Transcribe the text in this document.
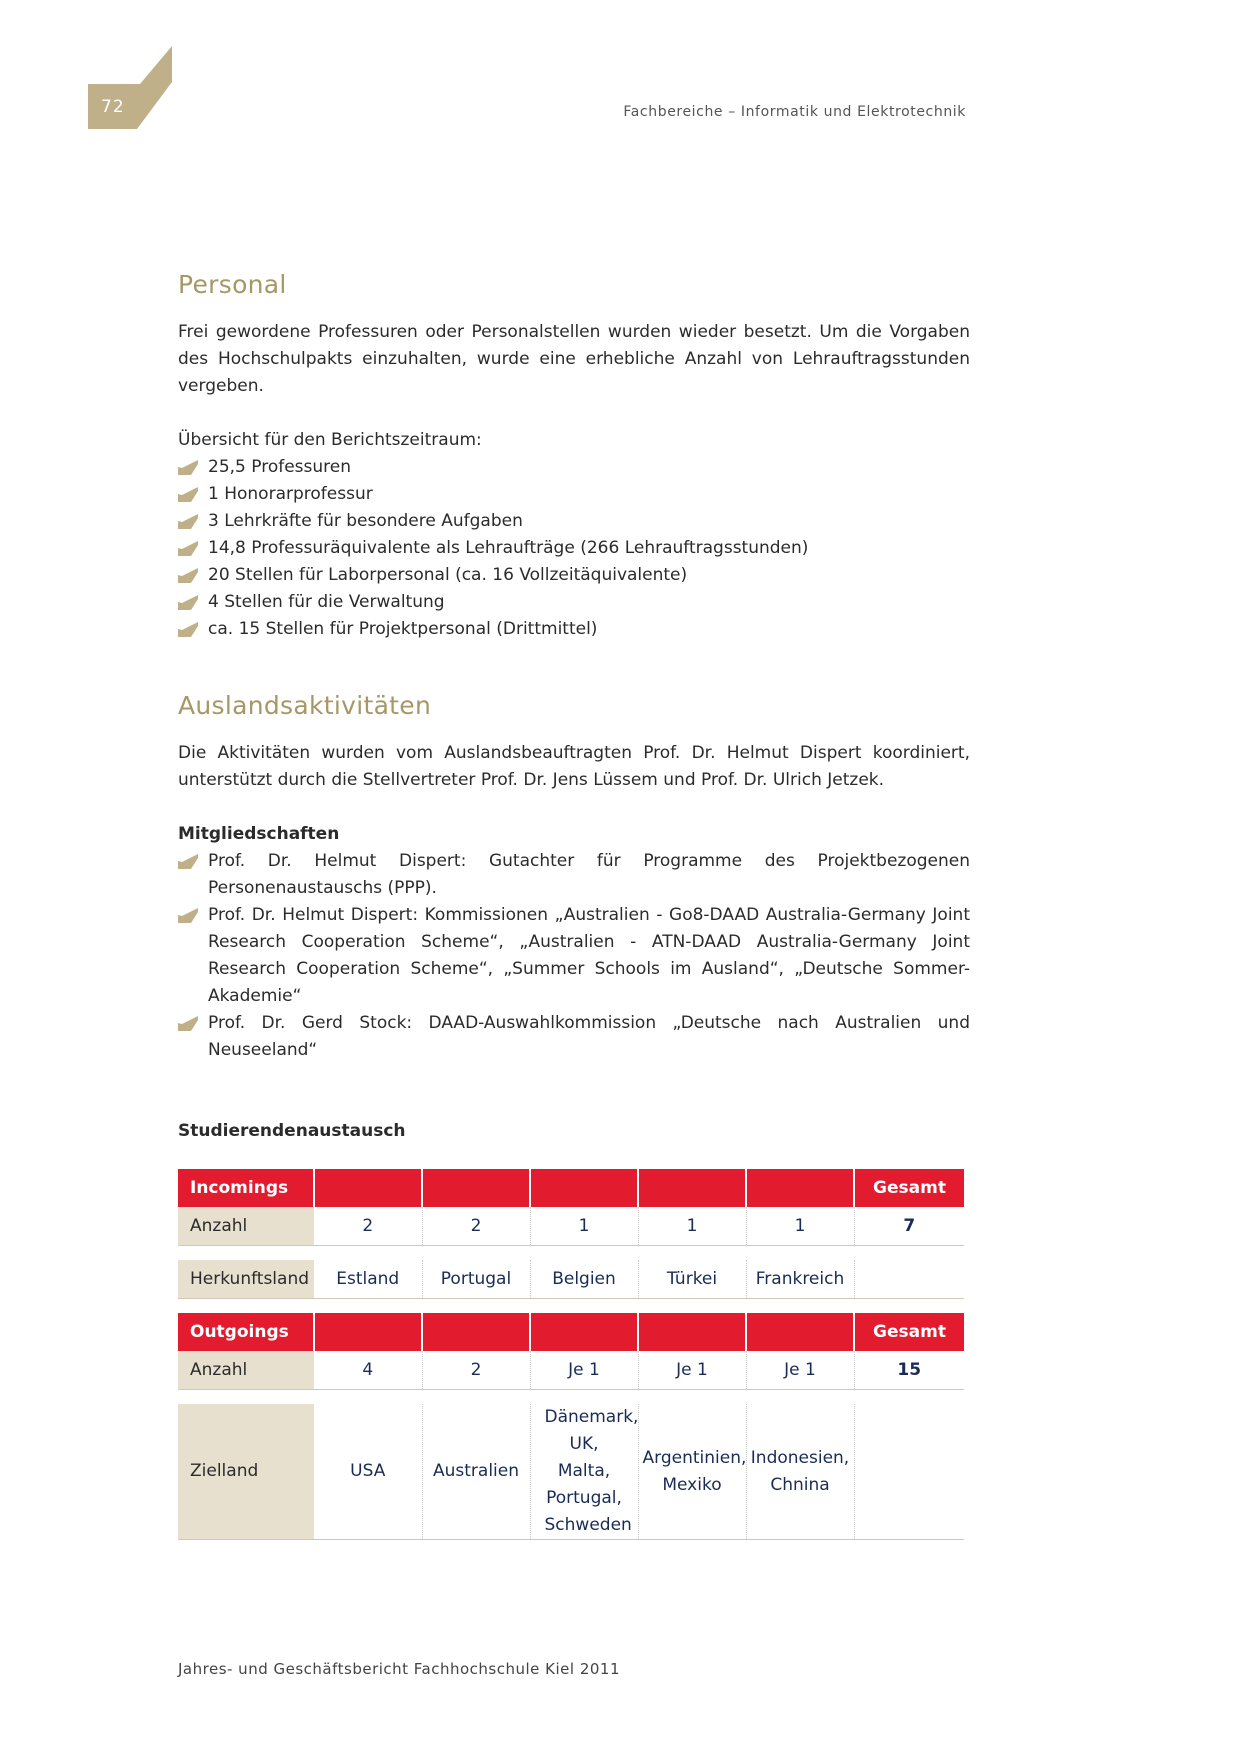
72	Fachbereiche – Informatik und Elektrotechnik
Personal

Frei gewordene Professuren oder Personalstellen wurden wieder besetzt. Um die Vorgaben des Hochschulpakts einzuhalten, wurde eine erhebliche Anzahl von Lehrauftragsstunden vergeben.

Übersicht für den Berichtszeitraum:

25,5 Professuren
1 Honorarprofessur
3 Lehrkräfte für besondere Aufgaben
14,8 Professuräquivalente als Lehraufträge (266 Lehrauftragsstunden)
20 Stellen für Laborpersonal (ca. 16 Vollzeitäquivalente)
4 Stellen für die Verwaltung
ca. 15 Stellen für Projektpersonal (Drittmittel)
Auslandsaktivitäten

Die Aktivitäten wurden vom Auslandsbeauftragten Prof. Dr. Helmut Dispert koordiniert, unterstützt durch die Stellvertreter Prof. Dr. Jens Lüssem und Prof. Dr. Ulrich Jetzek.

Mitgliedschaften
Prof. Dr. Helmut Dispert: Gutachter für Programme des Projektbezogenen Personenaustauschs (PPP).
Prof. Dr. Helmut Dispert: Kommissionen „Australien - Go8-DAAD Australia-Germany Joint Research Cooperation Scheme“, „Australien - ATN-DAAD Australia-Germany Joint Research Cooperation Scheme“, „Summer Schools im Ausland“, „Deutsche Sommer-Akademie“
Prof. Dr. Gerd Stock: DAAD-Auswahlkommission „Deutsche nach Australien und Neuseeland“
Studierendenaustausch
Incomings						Gesamt
Anzahl	2	2	1	1	1	7

Herkunftsland	Estland	Portugal	Belgien	Türkei	Frankreich	

Outgoings						Gesamt
Anzahl	4	2	Je 1	Je 1	Je 1	15

Zielland	USA	Australien	Dänemark, UK, Malta, Portugal, Schweden	Argentinien, Mexiko	Indonesien, Chnina	
Jahres- und Geschäftsbericht Fachhochschule Kiel 2011
